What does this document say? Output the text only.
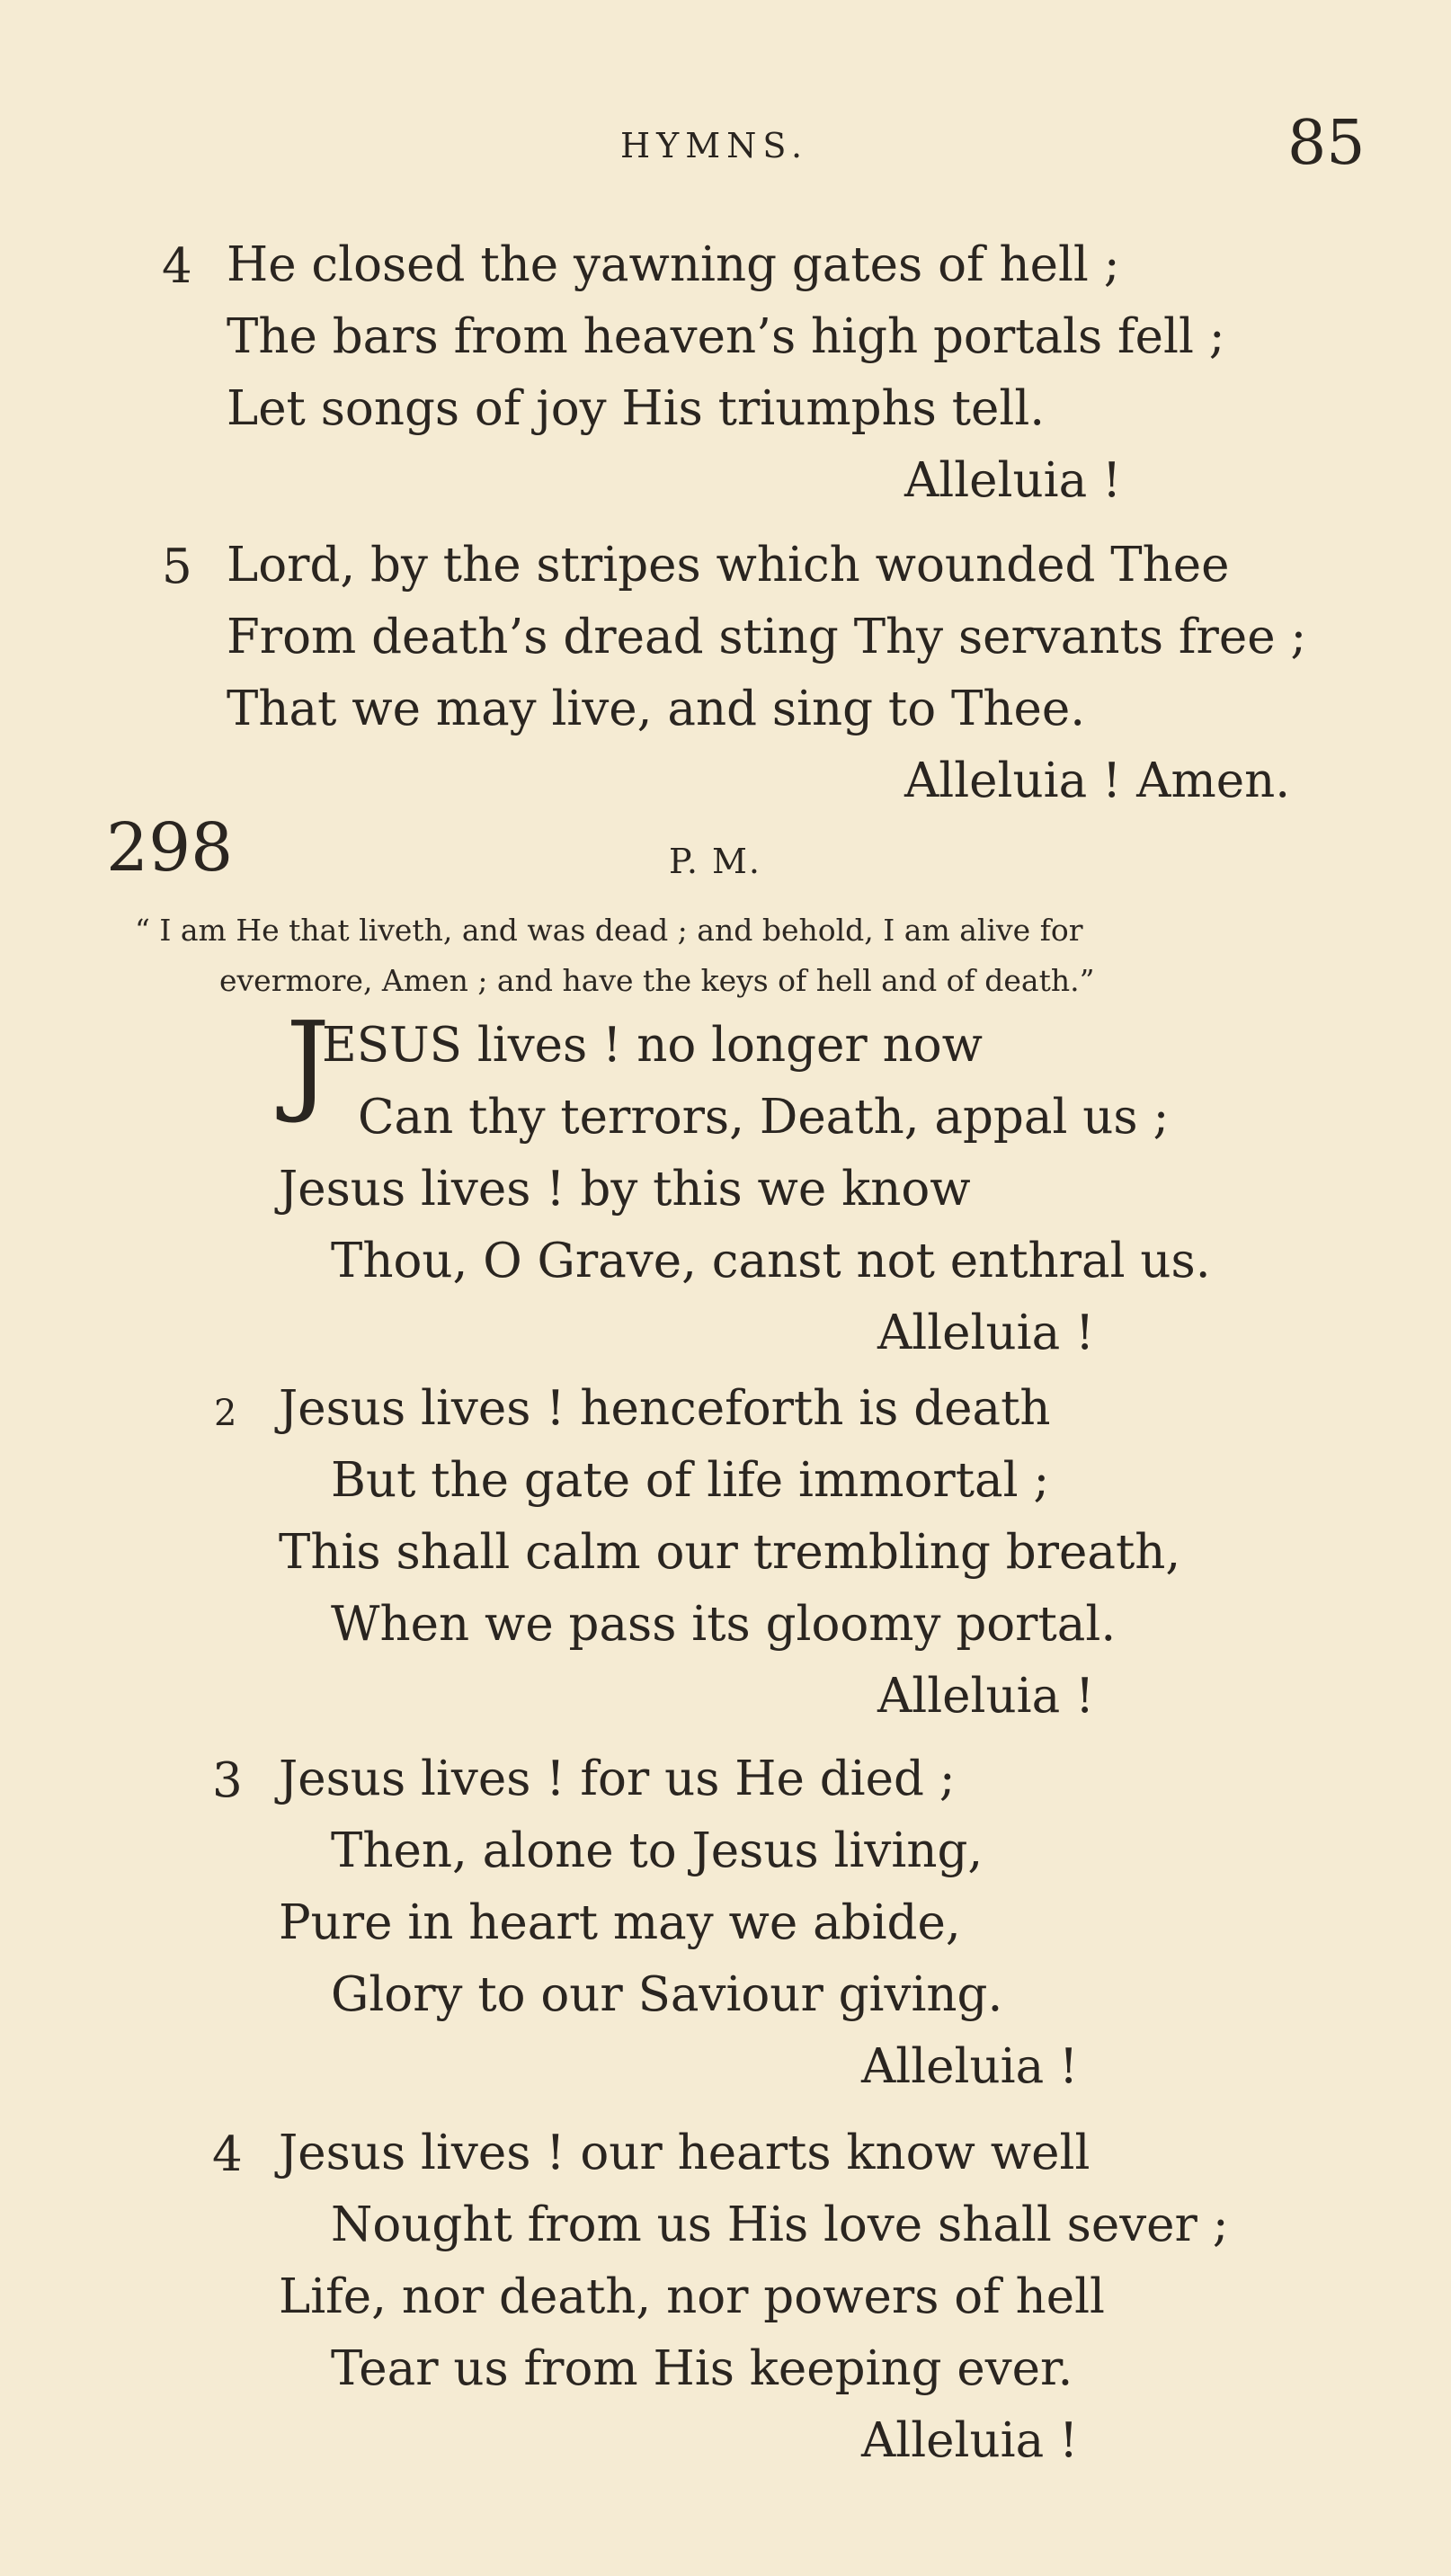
HYMNS.	85
4 He closed the yawning gates of hell ;
The bars from heaven’s high portals fell ;
Let songs of joy His triumphs tell.
Alleluia !
5 Lord, by the stripes which wounded Thee
From death’s dread sting Thy servants free ;
That we may live, and sing to Thee.
Alleluia ! Amen.
298	P. M.
“ I am He that liveth, and was dead ; and behold, I am alive for
evermore, Amen ; and have the keys of hell and of death.”
J
ESUS lives ! no longer now
Can thy terrors, Death, appal us ;
Jesus lives ! by this we know
Thou, O Grave, canst not enthral us.
Alleluia !
2 Jesus lives ! henceforth is death
But the gate of life immortal ;
This shall calm our trembling breath,
When we pass its gloomy portal.
Alleluia !
3 Jesus lives ! for us He died ;
Then, alone to Jesus living,
Pure in heart may we abide,
Glory to our Saviour giving.
Alleluia !
4 Jesus lives ! our hearts know well
Nought from us His love shall sever ;
Life, nor death, nor powers of hell
Tear us from His keeping ever.
Alleluia !
